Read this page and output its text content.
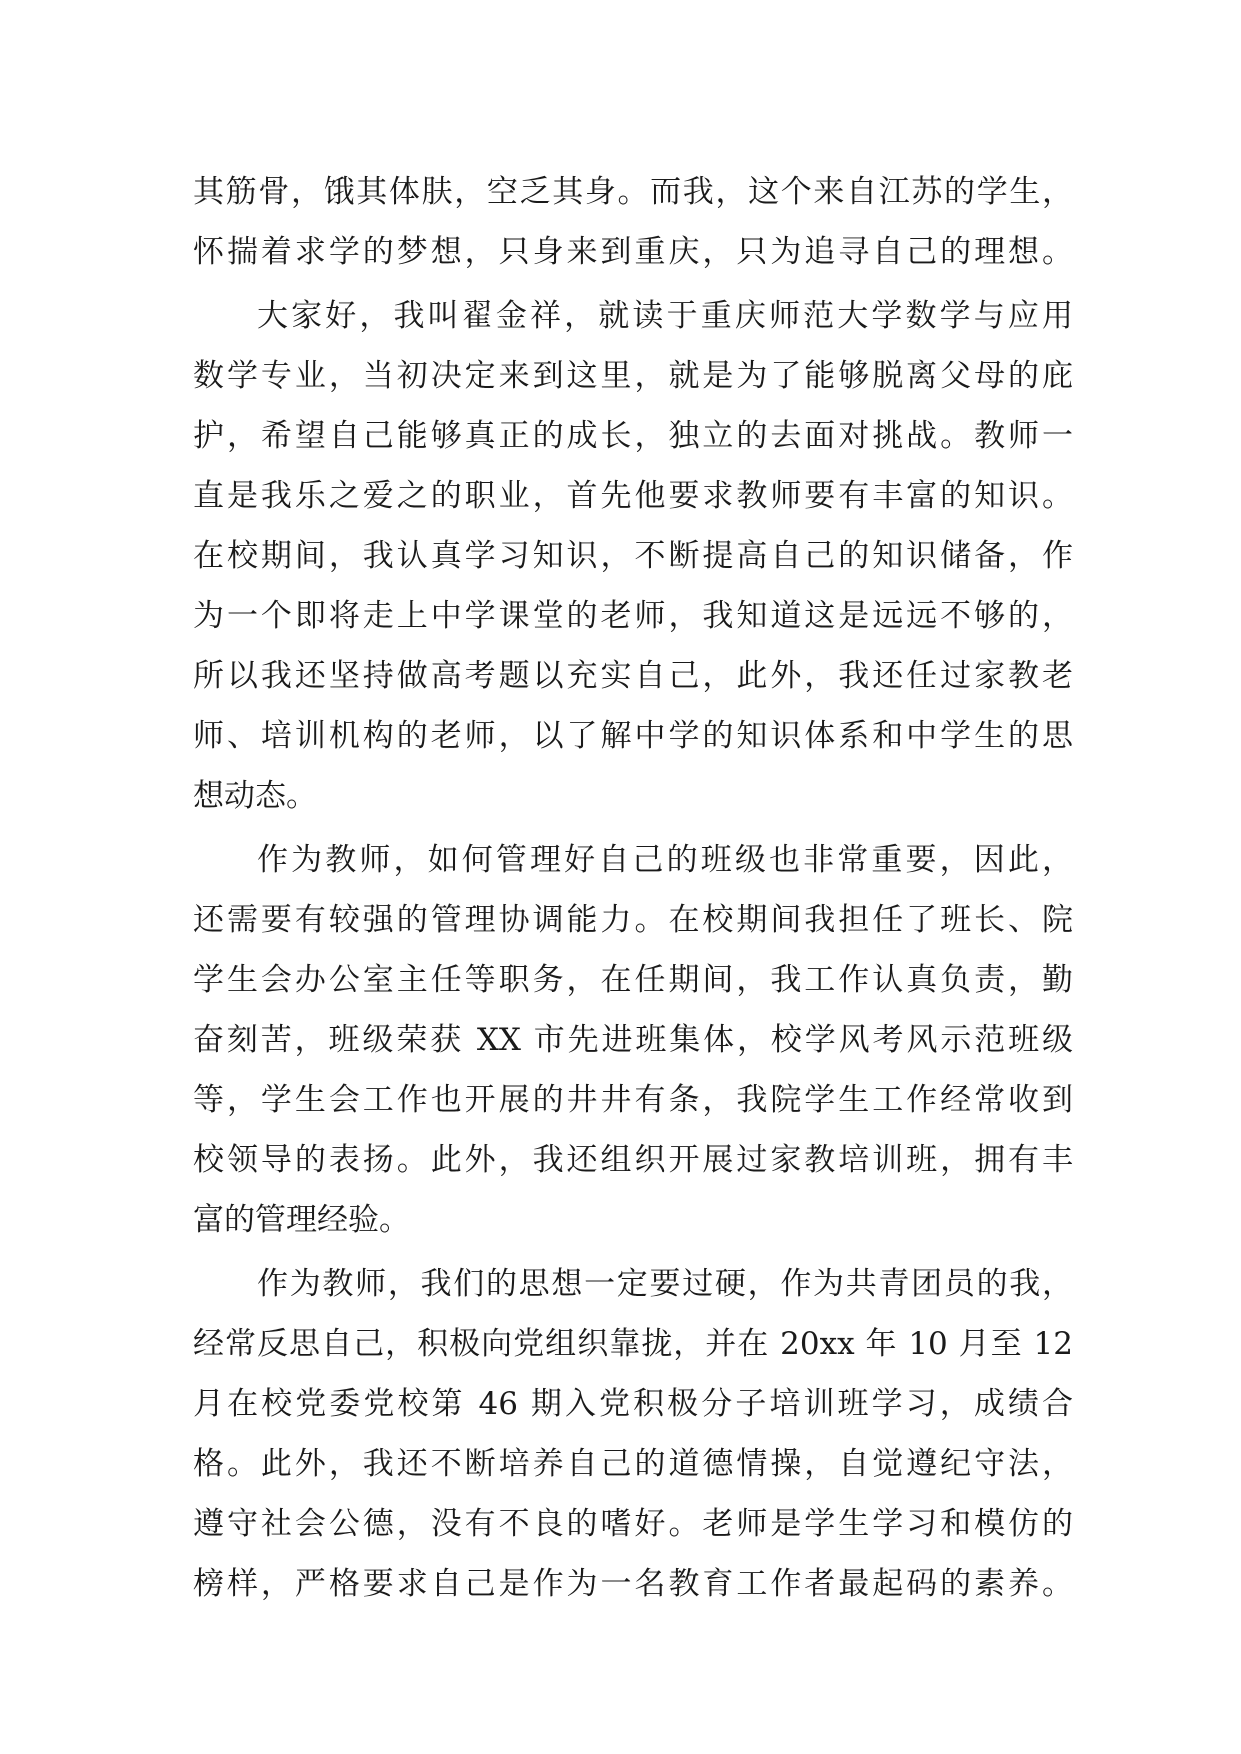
其筋骨，饿其体肤，空乏其身。而我，这个来自江苏的学生，
怀揣着求学的梦想，只身来到重庆，只为追寻自己的理想。
大家好，我叫翟金祥，就读于重庆师范大学数学与应用
数学专业，当初决定来到这里，就是为了能够脱离父母的庇
护，希望自己能够真正的成长，独立的去面对挑战。教师一
直是我乐之爱之的职业，首先他要求教师要有丰富的知识。
在校期间，我认真学习知识，不断提高自己的知识储备，作
为一个即将走上中学课堂的老师，我知道这是远远不够的，
所以我还坚持做高考题以充实自己，此外，我还任过家教老
师、培训机构的老师，以了解中学的知识体系和中学生的思
想动态。
作为教师，如何管理好自己的班级也非常重要，因此，
还需要有较强的管理协调能力。在校期间我担任了班长、院
学生会办公室主任等职务，在任期间，我工作认真负责，勤
奋刻苦，班级荣获 XX 市先进班集体，校学风考风示范班级
等，学生会工作也开展的井井有条，我院学生工作经常收到
校领导的表扬。此外，我还组织开展过家教培训班，拥有丰
富的管理经验。
作为教师，我们的思想一定要过硬，作为共青团员的我，
经常反思自己，积极向党组织靠拢，并在 20xx 年 10 月至 12
月在校党委党校第 46 期入党积极分子培训班学习，成绩合
格。此外，我还不断培养自己的道德情操，自觉遵纪守法，
遵守社会公德，没有不良的嗜好。老师是学生学习和模仿的
榜样，严格要求自己是作为一名教育工作者最起码的素养。
